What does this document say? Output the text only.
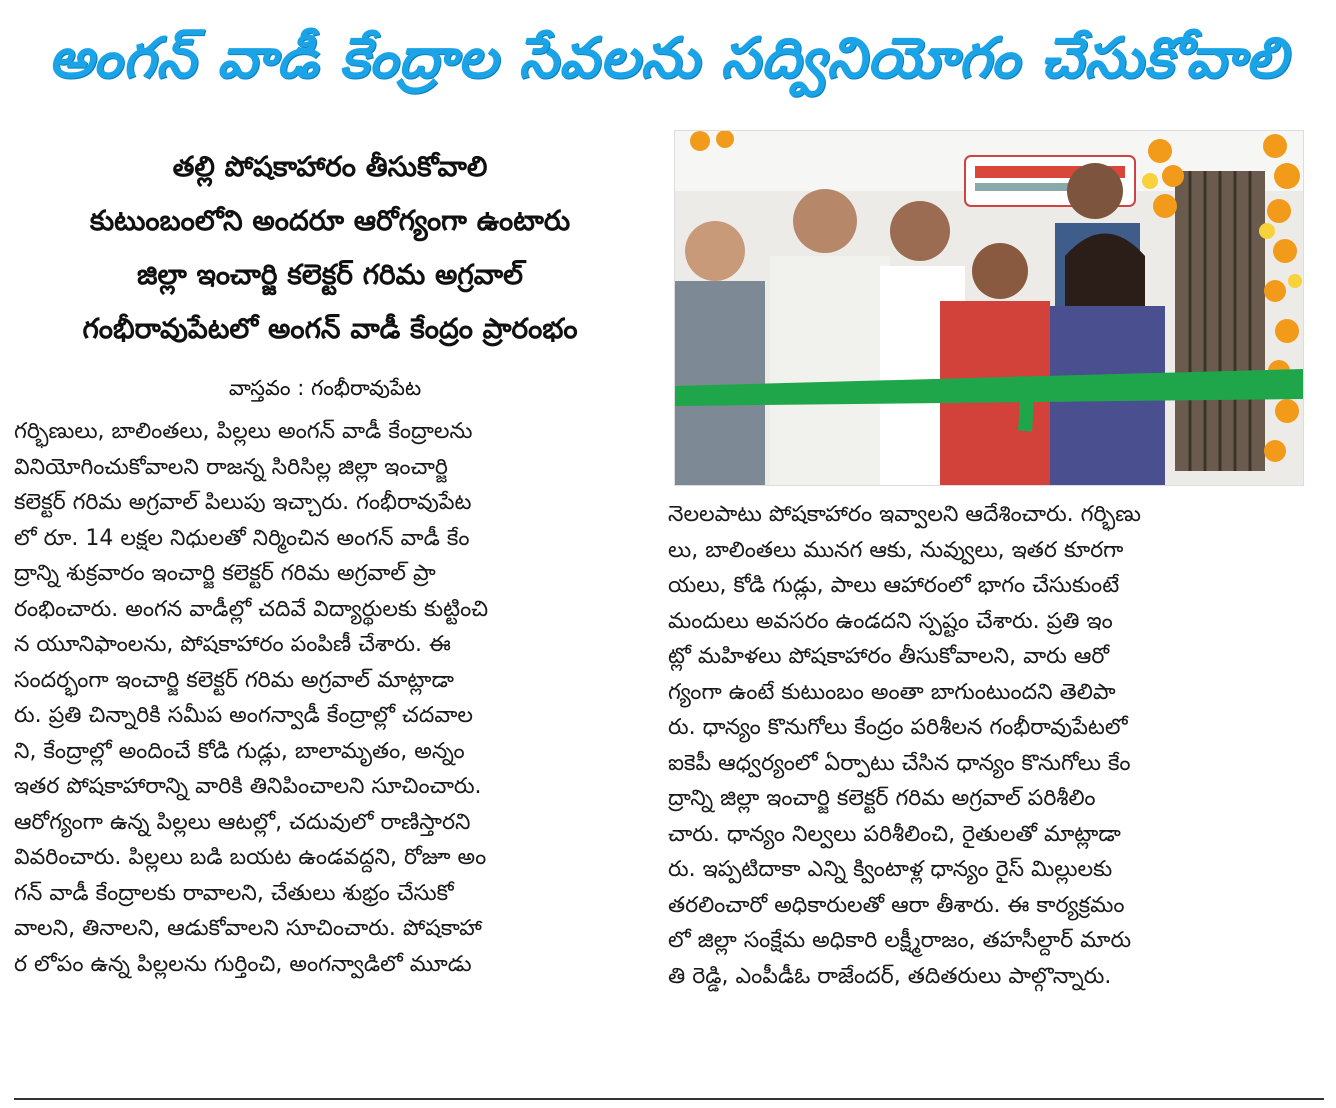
అంగన్ వాడీ కేంద్రాల సేవలను సద్వినియోగం చేసుకోవాలి
తల్లి పోషకాహారం తీసుకోవాలి
కుటుంబంలోని అందరూ ఆరోగ్యంగా ఉంటారు
జిల్లా ఇంచార్జి కలెక్టర్ గరిమ అగ్రవాల్
గంభీరావుపేటలో అంగన్ వాడీ కేంద్రం ప్రారంభం
వాస్తవం : గంభీరావుపేట
గర్భిణులు, బాలింతలు, పిల్లలు అంగన్ వాడీ కేంద్రాలను
వినియోగించుకోవాలని రాజన్న సిరిసిల్ల జిల్లా ఇంచార్జి
కలెక్టర్ గరిమ అగ్రవాల్ పిలుపు ఇచ్చారు. గంభీరావుపేట
లో రూ. 14 లక్షల నిధులతో నిర్మించిన అంగన్ వాడీ కేం
ద్రాన్ని శుక్రవారం ఇంచార్జి కలెక్టర్ గరిమ అగ్రవాల్ ప్రా
రంభించారు. అంగన వాడీల్లో చదివే విద్యార్థులకు కుట్టించి
న యూనిఫాంలను, పోషకాహారం పంపిణీ చేశారు. ఈ
సందర్భంగా ఇంచార్జి కలెక్టర్ గరిమ అగ్రవాల్ మాట్లాడా
రు. ప్రతి చిన్నారికి సమీప అంగన్వాడీ కేంద్రాల్లో చదవాల
ని, కేంద్రాల్లో అందించే కోడి గుడ్లు, బాలామృతం, అన్నం
ఇతర పోషకాహారాన్ని వారికి తినిపించాలని సూచించారు.
ఆరోగ్యంగా ఉన్న పిల్లలు ఆటల్లో, చదువులో రాణిస్తారని
వివరించారు. పిల్లలు బడి బయట ఉండవద్దని, రోజూ అం
గన్ వాడీ కేంద్రాలకు రావాలని, చేతులు శుభ్రం చేసుకో
వాలని, తినాలని, ఆడుకోవాలని సూచించారు. పోషకాహా
ర లోపం ఉన్న పిల్లలను గుర్తించి, అంగన్వాడిలో మూడు
నెలలపాటు పోషకాహారం ఇవ్వాలని ఆదేశించారు. గర్భిణు
లు, బాలింతలు మునగ ఆకు, నువ్వులు, ఇతర కూరగా
యలు, కోడి గుడ్లు, పాలు ఆహారంలో భాగం చేసుకుంటే
మందులు అవసరం ఉండదని స్పష్టం చేశారు. ప్రతి ఇం
ట్లో మహిళలు పోషకాహారం తీసుకోవాలని, వారు ఆరో
గ్యంగా ఉంటే కుటుంబం అంతా బాగుంటుందని తెలిపా
రు. ధాన్యం కొనుగోలు కేంద్రం పరిశీలన గంభీరావుపేటలో
ఐకెపీ ఆధ్వర్యంలో ఏర్పాటు చేసిన ధాన్యం కొనుగోలు కేం
ద్రాన్ని జిల్లా ఇంచార్జి కలెక్టర్ గరిమ అగ్రవాల్ పరిశీలిం
చారు. ధాన్యం నిల్వలు పరిశీలించి, రైతులతో మాట్లాడా
రు. ఇప్పటిదాకా ఎన్ని క్వింటాళ్ల ధాన్యం రైస్ మిల్లులకు
తరలించారో అధికారులతో ఆరా తీశారు. ఈ కార్యక్రమం
లో జిల్లా సంక్షేమ అధికారి లక్ష్మీరాజం, తహసీల్దార్ మారు
తి రెడ్డి, ఎంపీడీఓ రాజేందర్, తదితరులు పాల్గొన్నారు.
